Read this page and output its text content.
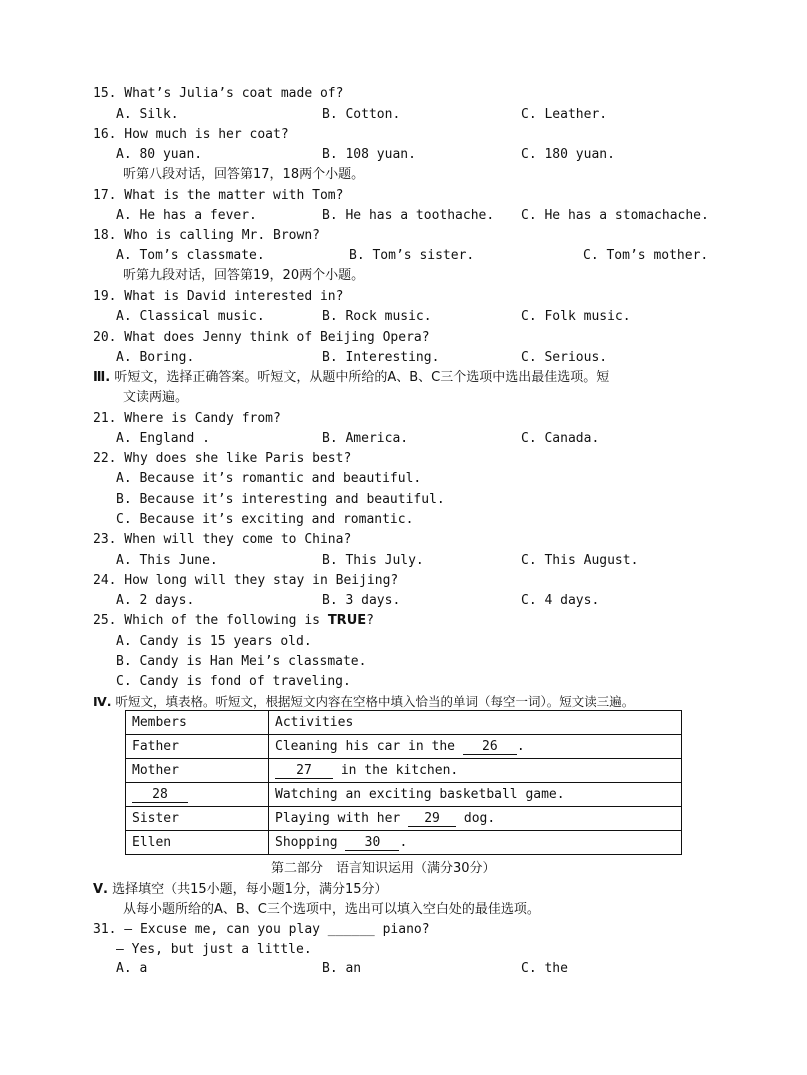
15. What’s Julia’s coat made of?
A. Silk.	B. Cotton.	C. Leather.
16. How much is her coat?
A. 80 yuan.	B. 108 yuan.	C. 180 yuan.
听第八段对话，回答第17，18两个小题。
17. What is the matter with Tom?
A. He has a fever.	B. He has a toothache. C. He has a stomachache.
18. Who is calling Mr. Brown?
A. Tom’s classmate.	B. Tom’s sister.	C. Tom’s mother.
听第九段对话，回答第19，20两个小题。
19. What is David interested in?
A. Classical music.	B. Rock music.	C. Folk music.
20. What does Jenny think of Beijing Opera?
A. Boring.	B. Interesting.	C. Serious.
Ⅲ. 听短文，选择正确答案。听短文，从题中所给的A、B、C三个选项中选出最佳选项。短
文读两遍。
21. Where is Candy from?
A. England .	B. America.	C. Canada.
22. Why does she like Paris best?
A. Because it’s romantic and beautiful.
B. Because it’s interesting and beautiful.
C. Because it’s exciting and romantic.
23. When will they come to China?
A. This June.	B. This July.	C. This August.
24. How long will they stay in Beijing?
A. 2 days.	B. 3 days.	C. 4 days.
25. Which of the following is TRUE?
A. Candy is 15 years old.
B. Candy is Han Mei’s classmate.
C. Candy is fond of traveling.
Ⅳ. 听短文，填表格。听短文，根据短文内容在空格中填入恰当的单词（每空一词）。短文读三遍。
Members	Activities
Father	Cleaning his car in the 26 .
Mother	27 in the kitchen.
28	Watching an exciting basketball game.
Sister	Playing with her 29 dog.
Ellen	Shopping 30 .
第二部分　语言知识运用（满分30分）
Ⅴ. 选择填空（共15小题，每小题1分，满分15分）
从每小题所给的A、B、C三个选项中，选出可以填入空白处的最佳选项。
31. — Excuse me, can you play ______ piano?
— Yes, but just a little.
A. a	B. an	C. the
